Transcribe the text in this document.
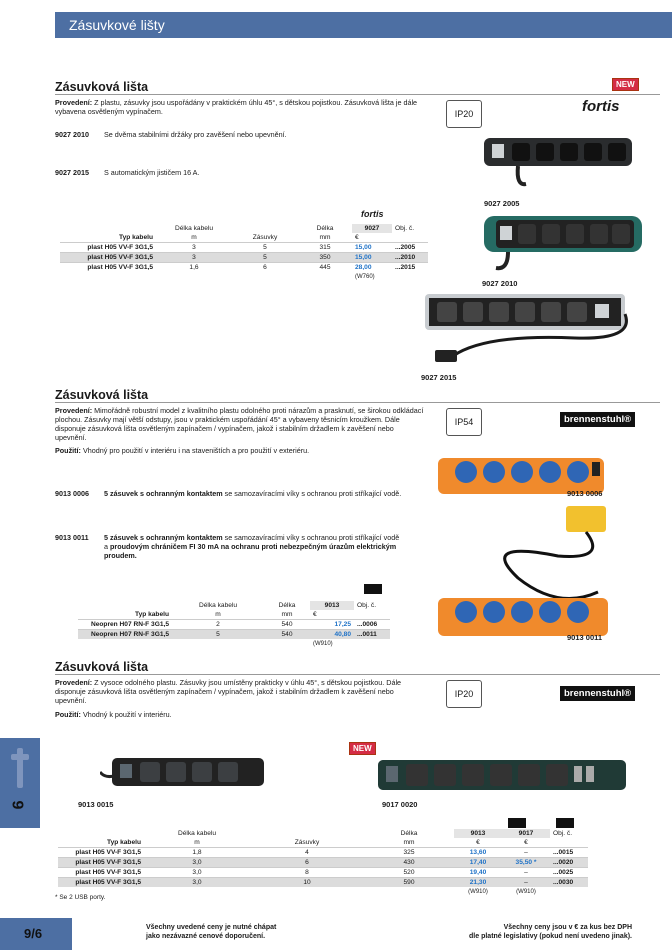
Zásuvkové lišty
Zásuvková lišta	NEW
Provedení: Z plastu, zásuvky jsou uspořádány v praktickém úhlu 45°, s dětskou pojistkou. Zásuvková lišta je dále vybavena osvětleným vypínačem.	IP20	fortis
9027 2010 Se dvěma stabilními držáky pro zavěšení nebo upevnění.
9027 2015 S automatickým jističem 16 A.
fortis
	Délka kabelu		Délka	9027	Obj. č.
Typ kabelu	m	Zásuvky	mm	€	
plast H05 VV-F 3G1,5	3	5	315	15,00	...2005
plast H05 VV-F 3G1,5	3	5	350	15,00	...2010
plast H05 VV-F 3G1,5	1,6	6	445	28,00	...2015
				(W760)	
9027 2005
9027 2010
9027 2015
Zásuvková lišta
Provedení: Mimořádně robustní model z kvalitního plastu odolného proti nárazům a prasknutí, se širokou odkládací plochou. Zásuvky mají větší odstupy, jsou v praktickém uspořádání 45° a vybaveny těsnicím kroužkem. Dále disponuje zásuvková lišta osvětleným zapínačem / vypínačem, jakož i stabilním držadlem k zavěšení nebo upevnění.
Použití: Vhodný pro použití v interiéru i na staveništích a pro použití v exteriéru.
IP54	brennenstuhl®
9013 0006 5 zásuvek s ochranným kontaktem se samozavíracími víky s ochranou proti stříkající vodě.
9013 0011 5 zásuvek s ochranným kontaktem se samozavíracími víky s ochranou proti stříkající vodě a proudovým chráničem FI 30 mA na ochranu proti nebezpečným úrazům elektrickým proudem.
9013 0006
9013 0011
	Délka kabelu	Délka	9013	Obj. č.
Typ kabelu	m	mm	€	
Neopren H07 RN-F 3G1,5	2	540	17,25	...0006
Neopren H07 RN-F 3G1,5	5	540	40,80	...0011
			(W910)	
Zásuvková lišta
Provedení: Z vysoce odolného plastu. Zásuvky jsou umístěny prakticky v úhlu 45°, s dětskou pojistkou. Dále disponuje zásuvková lišta osvětleným zapínačem / vypínačem, jakož i stabilním držadlem k zavěšení nebo upevnění.
Použití: Vhodný k použití v interiéru.
IP20	brennenstuhl®
NEW
9013 0015	9017 0020
	Délka kabelu		Délka	9013	9017	Obj. č.
Typ kabelu	m	Zásuvky	mm	€	€	
plast H05 VV-F 3G1,5	1,8	4	325	13,60	–	...0015
plast H05 VV-F 3G1,5	3,0	6	430	17,40	35,50 *	...0020
plast H05 VV-F 3G1,5	3,0	8	520	19,40	–	...0025
plast H05 VV-F 3G1,5	3,0	10	590	21,30	–	...0030
				(W910)	(W910)	
* Se 2 USB porty.
9
9/6	Všechny uvedené ceny je nutné chápat
jako nezávazné cenové doporučení.
Všechny ceny jsou v € za kus bez DPH
dle platné legislativy (pokud není uvedeno jinak).
